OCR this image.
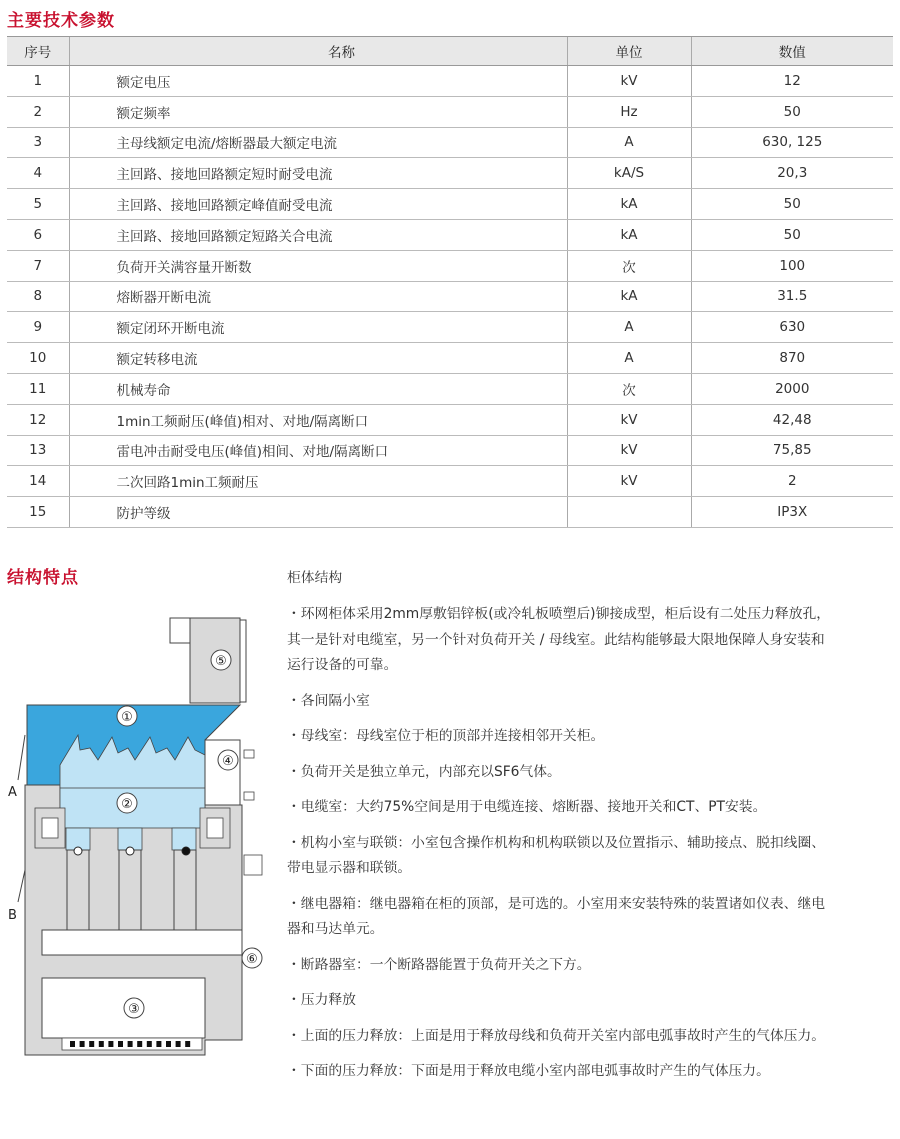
主要技术参数
序号	名称	单位	数值
1	额定电压	kV	12
2	额定频率	Hz	50
3	主母线额定电流/熔断器最大额定电流	A	630, 125
4	主回路、接地回路额定短时耐受电流	kA/S	20,3
5	主回路、接地回路额定峰值耐受电流	kA	50
6	主回路、接地回路额定短路关合电流	kA	50
7	负荷开关满容量开断数	次	100
8	熔断器开断电流	kA	31.5
9	额定闭环开断电流	A	630
10	额定转移电流	A	870
11	机械寿命	次	2000
12	1min工频耐压(峰值)相对、对地/隔离断口	kV	42,48
13	雷电冲击耐受电压(峰值)相间、对地/隔离断口	kV	75,85
14	二次回路1min工频耐压	kV	2
15	防护等级		IP3X
结构特点
①
②
③
④
⑤
⑥
A
B
柜体结构
・环网柜体采用2mm厚敷铝锌板(或冷轧板喷塑后)铆接成型，柜后设有二处压力释放孔，
其一是针对电缆室，另一个针对负荷开关 / 母线室。此结构能够最大限地保障人身安装和
运行设备的可靠。
・各间隔小室
・母线室：母线室位于柜的顶部并连接相邻开关柜。
・负荷开关是独立单元，内部充以SF6气体。
・电缆室：大约75%空间是用于电缆连接、熔断器、接地开关和CT、PT安装。
・机构小室与联锁：小室包含操作机构和机构联锁以及位置指示、辅助接点、脱扣线圈、
带电显示器和联锁。
・继电器箱：继电器箱在柜的顶部，是可选的。小室用来安装特殊的装置诸如仪表、继电
器和马达单元。
・断路器室：一个断路器能置于负荷开关之下方。
・压力释放
・上面的压力释放：上面是用于释放母线和负荷开关室内部电弧事故时产生的气体压力。
・下面的压力释放：下面是用于释放电缆小室内部电弧事故时产生的气体压力。
